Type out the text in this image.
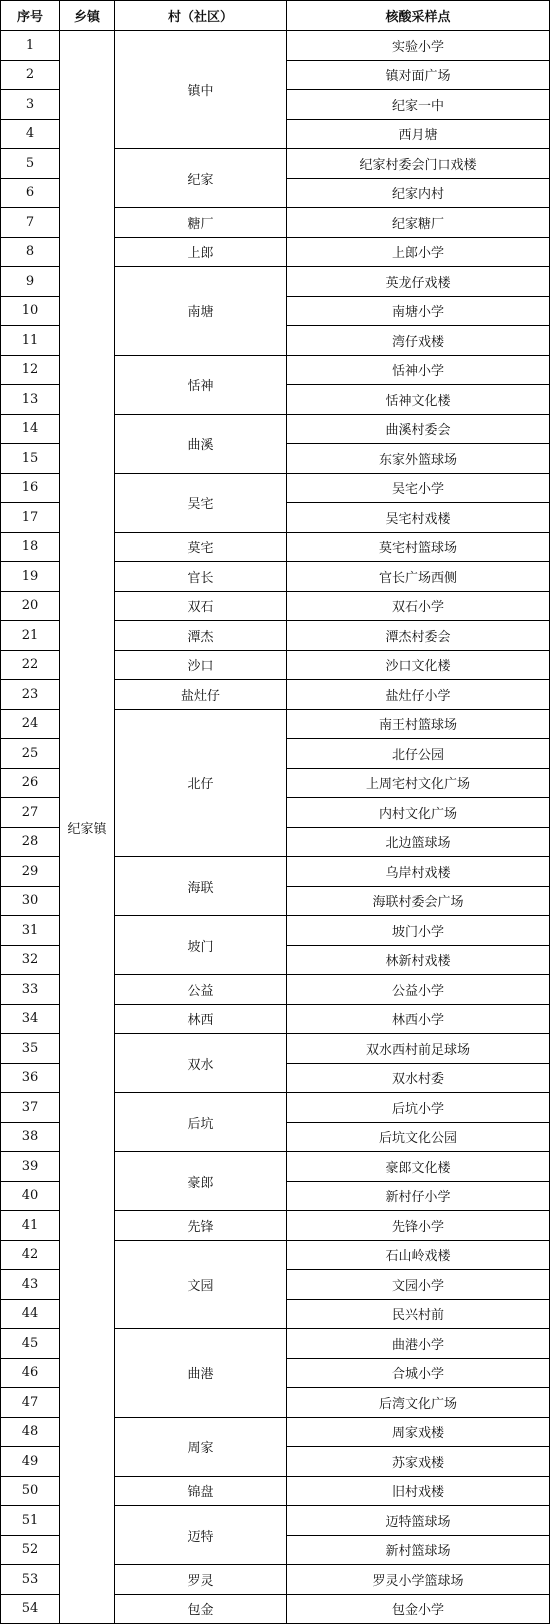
序号	乡镇	村（社区）	核酸采样点
1	纪家镇	镇中	实验小学
2			镇对面广场
3			纪家一中
4			西月塘
5		纪家	纪家村委会门口戏楼
6			纪家内村
7		糖厂	纪家糖厂
8		上郎	上郎小学
9		南塘	英龙仔戏楼
10			南塘小学
11			湾仔戏楼
12		恬神	恬神小学
13			恬神文化楼
14		曲溪	曲溪村委会
15			东家外篮球场
16		吴宅	吴宅小学
17			吴宅村戏楼
18		莫宅	莫宅村篮球场
19		官长	官长广场西侧
20		双石	双石小学
21		潭杰	潭杰村委会
22		沙口	沙口文化楼
23		盐灶仔	盐灶仔小学
24		北仔	南王村篮球场
25			北仔公园
26			上周宅村文化广场
27			内村文化广场
28			北边篮球场
29		海联	乌岸村戏楼
30			海联村委会广场
31		坡门	坡门小学
32			林新村戏楼
33		公益	公益小学
34		林西	林西小学
35		双水	双水西村前足球场
36			双水村委
37		后坑	后坑小学
38			后坑文化公园
39		豪郎	豪郎文化楼
40			新村仔小学
41		先锋	先锋小学
42		文园	石山岭戏楼
43			文园小学
44			民兴村前
45		曲港	曲港小学
46			合城小学
47			后湾文化广场
48		周家	周家戏楼
49			苏家戏楼
50		锦盘	旧村戏楼
51		迈特	迈特篮球场
52			新村篮球场
53		罗灵	罗灵小学篮球场
54		包金	包金小学
